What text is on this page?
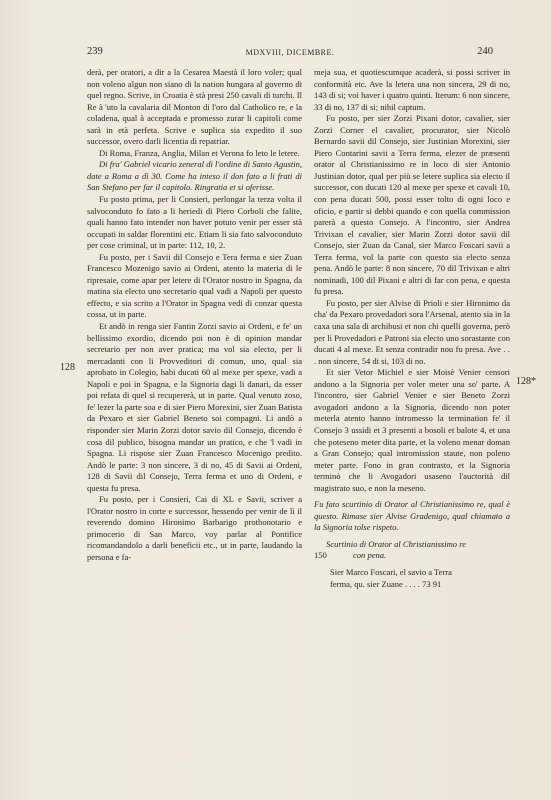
239	MDXVIII, DICEMBRE.	240
128
128*

derà, per oratori, a dir a la Cesarea Maestà il loro voler; qual non voleno algun non siano di la nation hungara al governo di quel regno. Scrive, in Croatia è stà presi 250 cavali di turchi. Il Re à 'uto la cavalaria dil Monton di l'oro dal Catholico re, e la coladena, qual à acceptada e promesso zurar li capitoli come sarà in età perfeta. Scrive e suplica sia expedito il suo successor, overo darli licentia di repatriar.

Di Roma, Franza, Anglia, Milan et Verona fo leto le letere.

Di fra' Gabriel vicario zeneral di l'ordine di Santo Agustin, date a Roma a dì 30. Come ha inteso il don fato a li frati di San Stefano per far il capitolo. Ringratia et si oferisse.

Fu posto prima, per li Consieri, perlongar la terza volta il salvoconduto fo fato a li heriedi di Piero Corboli che falite, quali hanno fato intender non haver potuto venir per esser stà occupati in saldar florentini etc. Etiam li sia fato salvoconduto per cose criminal, ut in parte: 112, 10, 2.

Fu posto, per i Savii dil Consejo e Tera ferma e sier Zuan Francesco Mozenigo savio ai Ordeni, atento la materia di le ripresaie, come apar per letere di l'Orator nostro in Spagna, da matina sia electo uno secretario qual vadi a Napoli per questo effecto, e sia scrito a l'Orator in Spagna vedi di conzar questa cossa, ut in parte.

Et andò in renga sier Fantin Zorzi savio ai Ordeni, e fe' un bellissimo exordio, dicendo poi non è di opinion mandar secretario per non aver pratica; ma vol sia electo, per li mercadanti con li Provveditori di comun, uno, qual sia aprobato in Colegio, habi ducati 60 al mexe per spexe, vadi a Napoli e poi in Spagna, e la Signoria dagi li danari, da esser poi refata di quel si recupererà, ut in parte. Qual venuto zoso, fe' lezer la parte soa e di sier Piero Morexini, sier Zuan Batista da Pexaro et sier Gabriel Beneto soi compagni. Li andò a risponder sier Marin Zorzi dotor savio dil Consejo, dicendo è cosa dil publico, bisogna mandar un pratico, e che 'l vadi in Spagna. Li rispose sier Zuan Francesco Mocenigo predito. Andò le parte: 3 non sincere, 3 di no, 45 di Savii ai Ordeni, 128 di Savii dil Consejo, Terra ferma et uno di Ordeni, e questa fu presa.

Fu posto, per i Consieri, Cai di XL e Savii, scriver a l'Orator nostro in corte e successor, hessendo per venir de lì il reverendo domino Hironimo Barbarigo prothonotario e primocerio di San Marco, voy parlar al Pontifice ricomandandolo a darli beneficii etc., ut in parte, laudando la persona e fa-

meja sua, et quotiescumque acaderà, si possi scriver in conformità etc. Ave la letera una non sincera, 29 di no, 143 di si; voi haver i quatro quinti. Iterum: 6 non sincere, 33 di no, 137 di si; nihil captum.

Fu posto, per sier Zorzi Pixani dotor, cavalier, sier Zorzi Corner el cavalier, procurator, sier Nicolò Bernardo savii dil Consejo, sier Justinian Morexini, sier Piero Contarini savii a Terra ferma, elezer de præsenti orator al Christianissimo re in loco di sier Antonio Justinian dotor, qual per più se letere suplica sia electo il successor, con ducati 120 al mexe per spexe et cavali 10, con pena ducati 500, possi esser tolto di ogni loco e oficio, e partir si debbi quando e con quella commission parerà a questo Consejo. A l'incontro, sier Andrea Trivixan el cavalier, sier Marin Zorzi dotor savii dil Consejo, sier Zuan da Canal, sier Marco Foscari savii a Terra ferma, vol la parte con questo sia electo senza pena. Andò le parte: 8 non sincere, 70 dil Trivixan e altri nominadi, 100 dil Pixani e altri di far con pena, e questa fu presa.

Fu posto, per sier Alvise di Prioli e sier Hironimo da cha' da Pexaro provedadori sora l'Arsenal, atento sia in la caxa una sala di archibusi et non chi quelli governa, però per li Provedadori e Patroni sia electo uno sorastante con ducati 4 al mexe. Et senza contradir nou fu presa. Ave . . . non sincere, 54 di si, 103 di no.

Et sier Vetor Michiel e sier Moisè Venier censori andono a la Signoria per voler meter una so' parte. A l'incontro, sier Gabriel Venier e sier Beneto Zorzi avogadori andono a la Signoria, dicendo non poter meterla atento hanno intromesso la termination fe' il Consejo 3 ussidi et 3 presenti a bosoli et balote 4, et una che poteseno meter dita parte, et la voleno menar doman a Gran Consejo; qual intromission staute, non poleno meter parte. Fono in gran contrasto, et la Signoria terminò che li Avogadori usaseno l'auctorità dil magistrato suo, e non la meseno.

Fu fato scurtinio di Orator al Christianissimo re, qual è questo. Rimase sier Alvise Gradenigo, qual chiamato a la Signoria tolse rispeto.

Scurtinio di Orator al Christianissimo re

150	con pena.

Sier Marco Foscari, el savio a Terra

ferma, qu. sier Zuane . . . . 73 91
